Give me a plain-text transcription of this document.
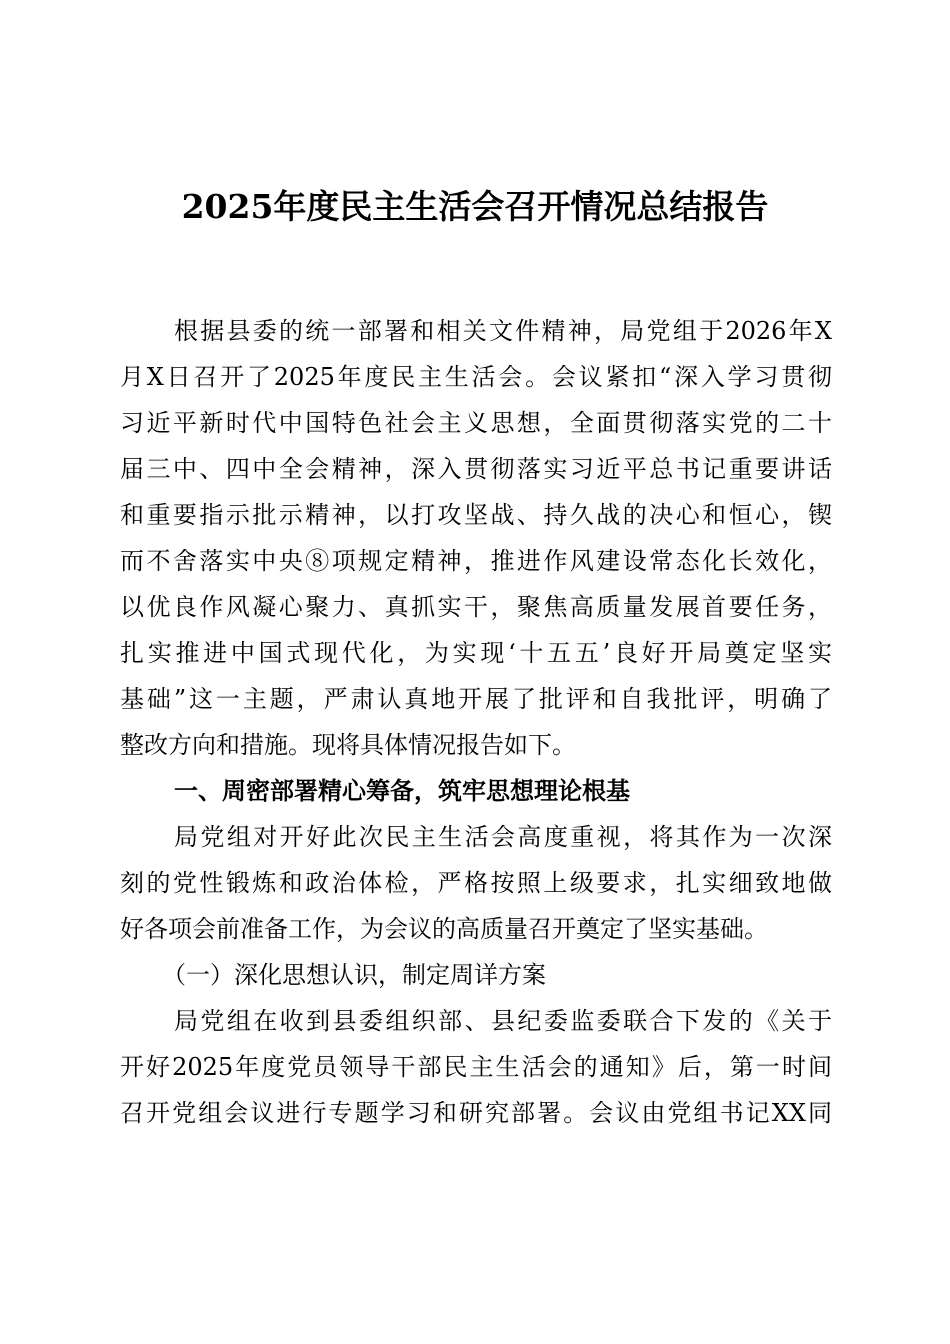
2025年度民主生活会召开情况总结报告
根据县委的统一部署和相关文件精神，局党组于2026年X
月X日召开了2025年度民主生活会。会议紧扣“深入学习贯彻
习近平新时代中国特色社会主义思想，全面贯彻落实党的二十
届三中、四中全会精神，深入贯彻落实习近平总书记重要讲话
和重要指示批示精神，以打攻坚战、持久战的决心和恒心，锲
而不舍落实中央⑧项规定精神，推进作风建设常态化长效化，
以优良作风凝心聚力、真抓实干，聚焦高质量发展首要任务，
扎实推进中国式现代化，为实现‘十五五’良好开局奠定坚实
基础”这一主题，严肃认真地开展了批评和自我批评，明确了
整改方向和措施。现将具体情况报告如下。
一、周密部署精心筹备，筑牢思想理论根基
局党组对开好此次民主生活会高度重视，将其作为一次深
刻的党性锻炼和政治体检，严格按照上级要求，扎实细致地做
好各项会前准备工作，为会议的高质量召开奠定了坚实基础。
（一）深化思想认识，制定周详方案
局党组在收到县委组织部、县纪委监委联合下发的《关于
开好2025年度党员领导干部民主生活会的通知》后，第一时间
召开党组会议进行专题学习和研究部署。会议由党组书记XX同
